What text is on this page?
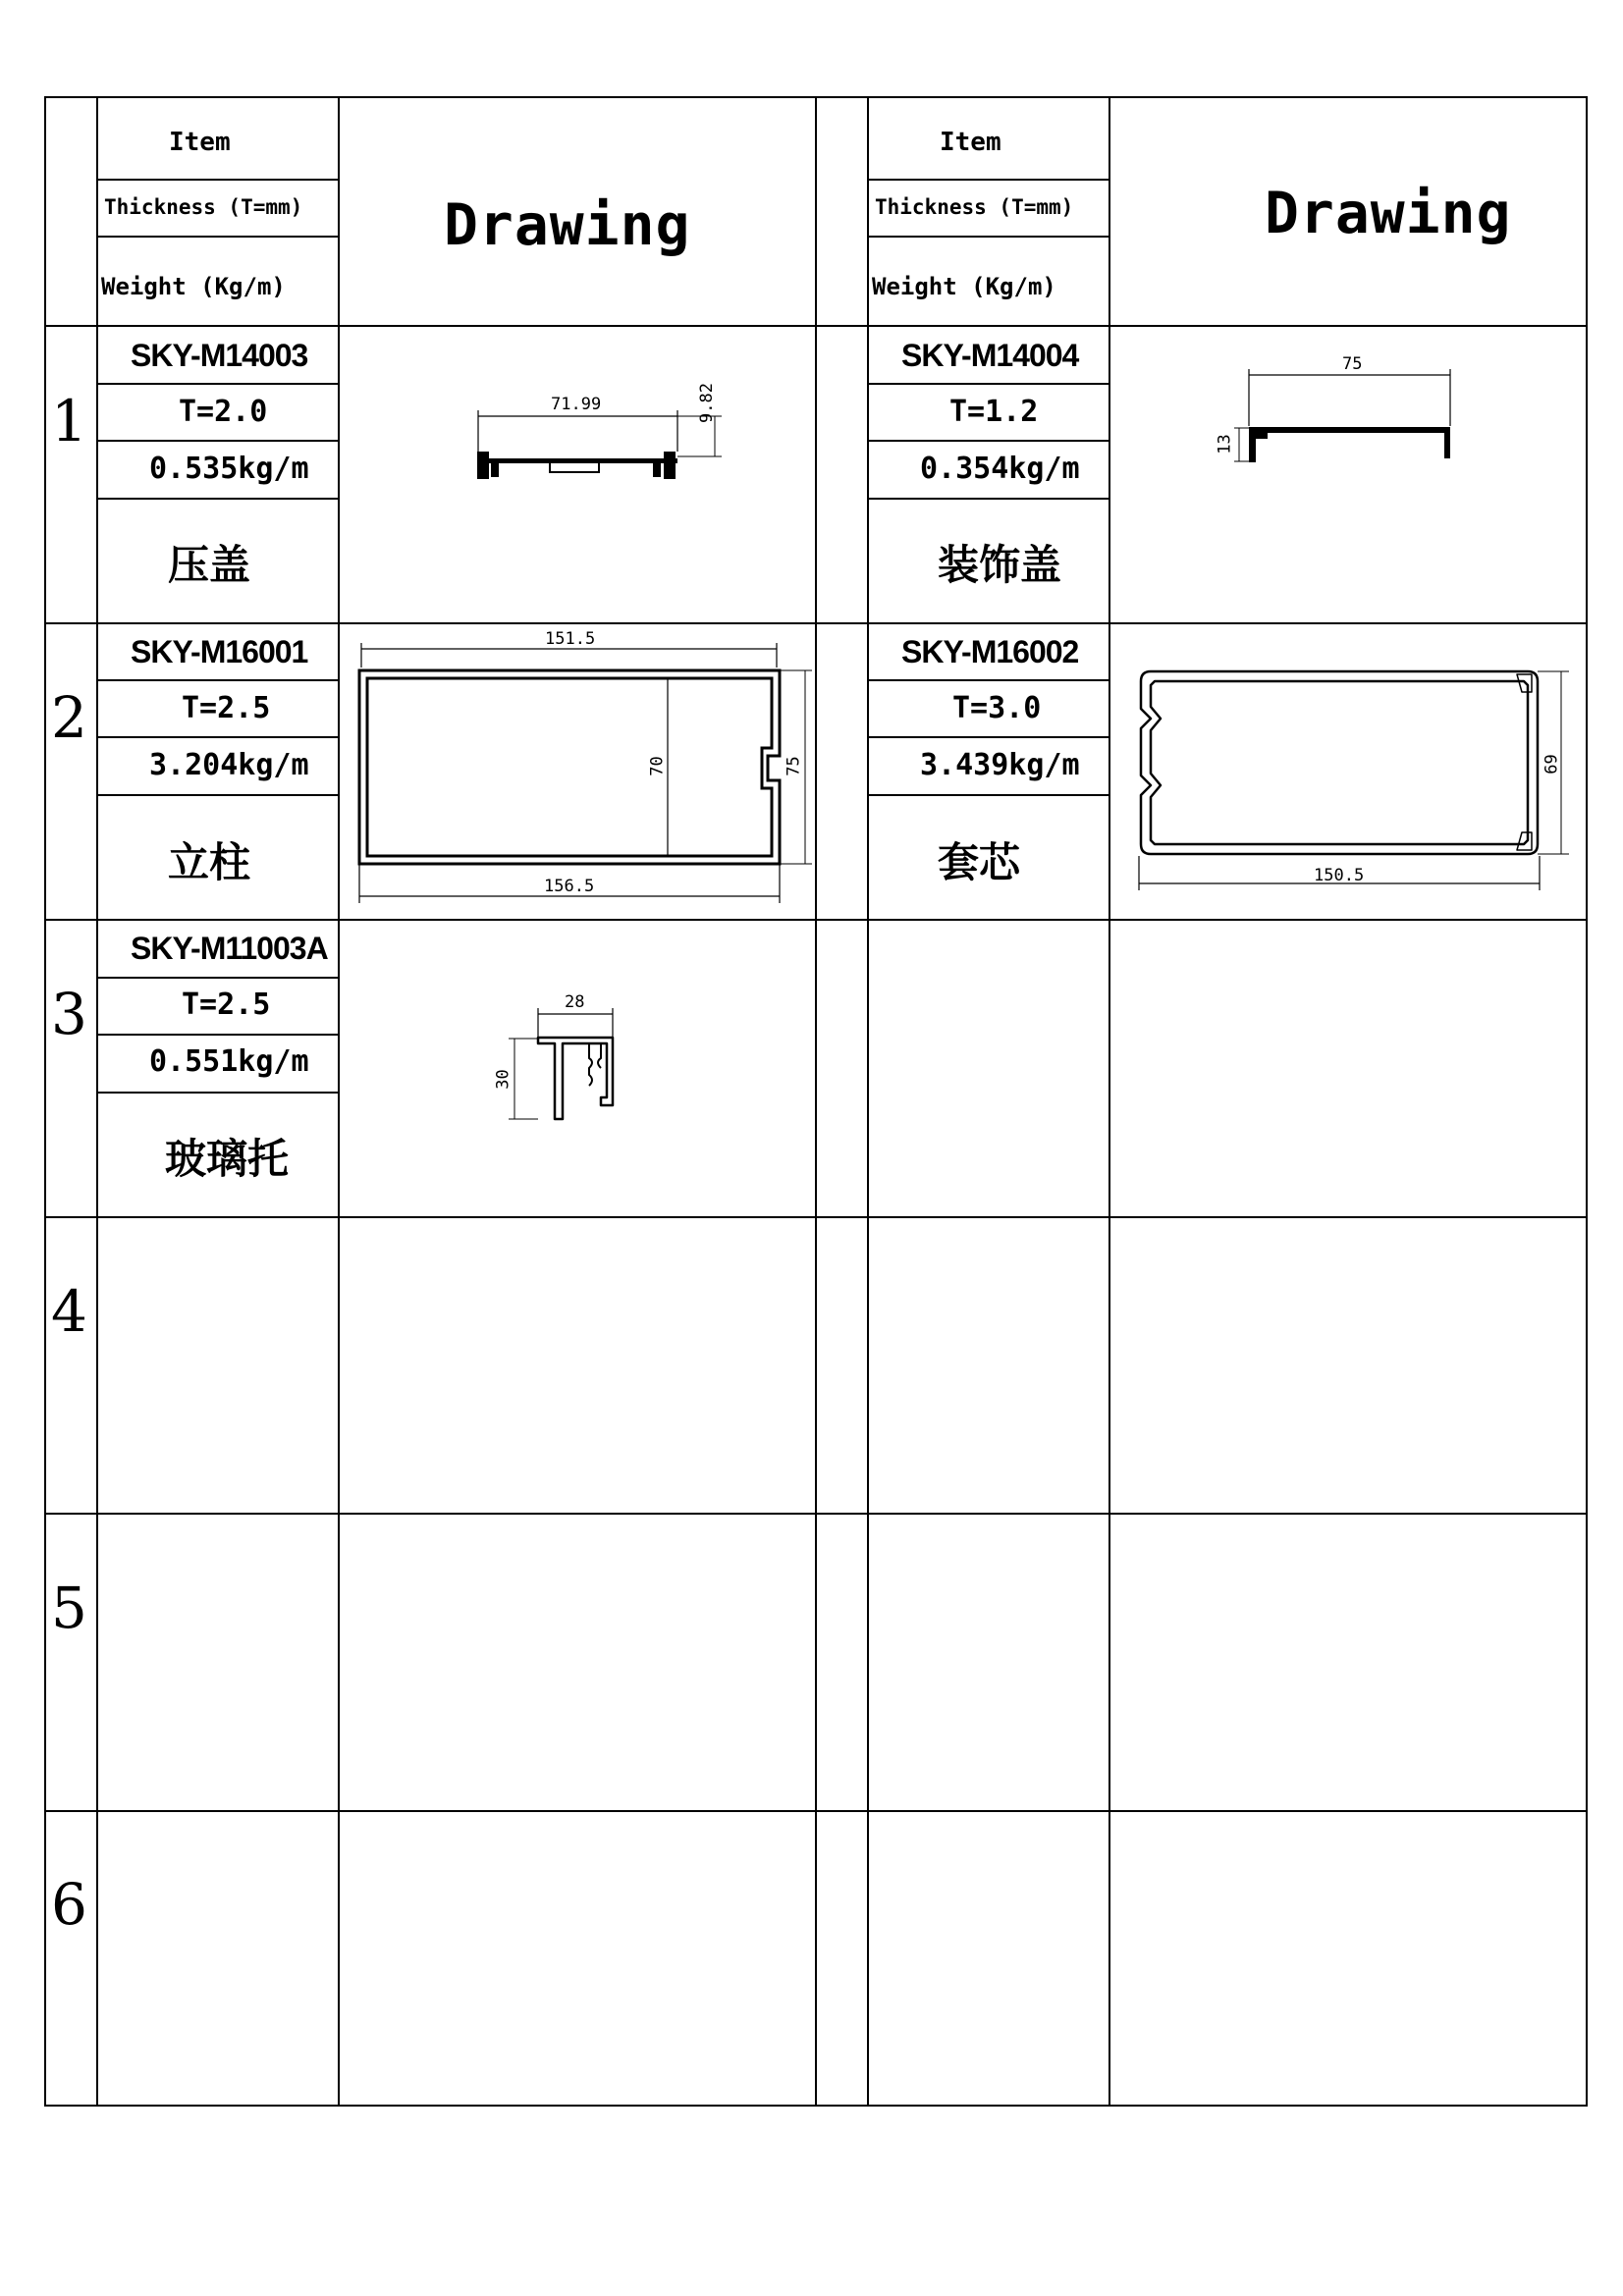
Item
Thickness (T=mm)
Weight (Kg/m)
Drawing
Item
Thickness (T=mm)
Weight (Kg/m)
Drawing
1
2
3
4
5
6
SKY-M14003
T=2.0
0.535kg/m
压盖
SKY-M14004
T=1.2
0.354kg/m
装饰盖
SKY-M16001
T=2.5
3.204kg/m
立柱
SKY-M16002
T=3.0
3.439kg/m
套芯
SKY-M11003A
T=2.5
0.551kg/m
玻璃托
71.99	9.82
75
13
151.5
70	75
156.5
69
150.5
28
30
